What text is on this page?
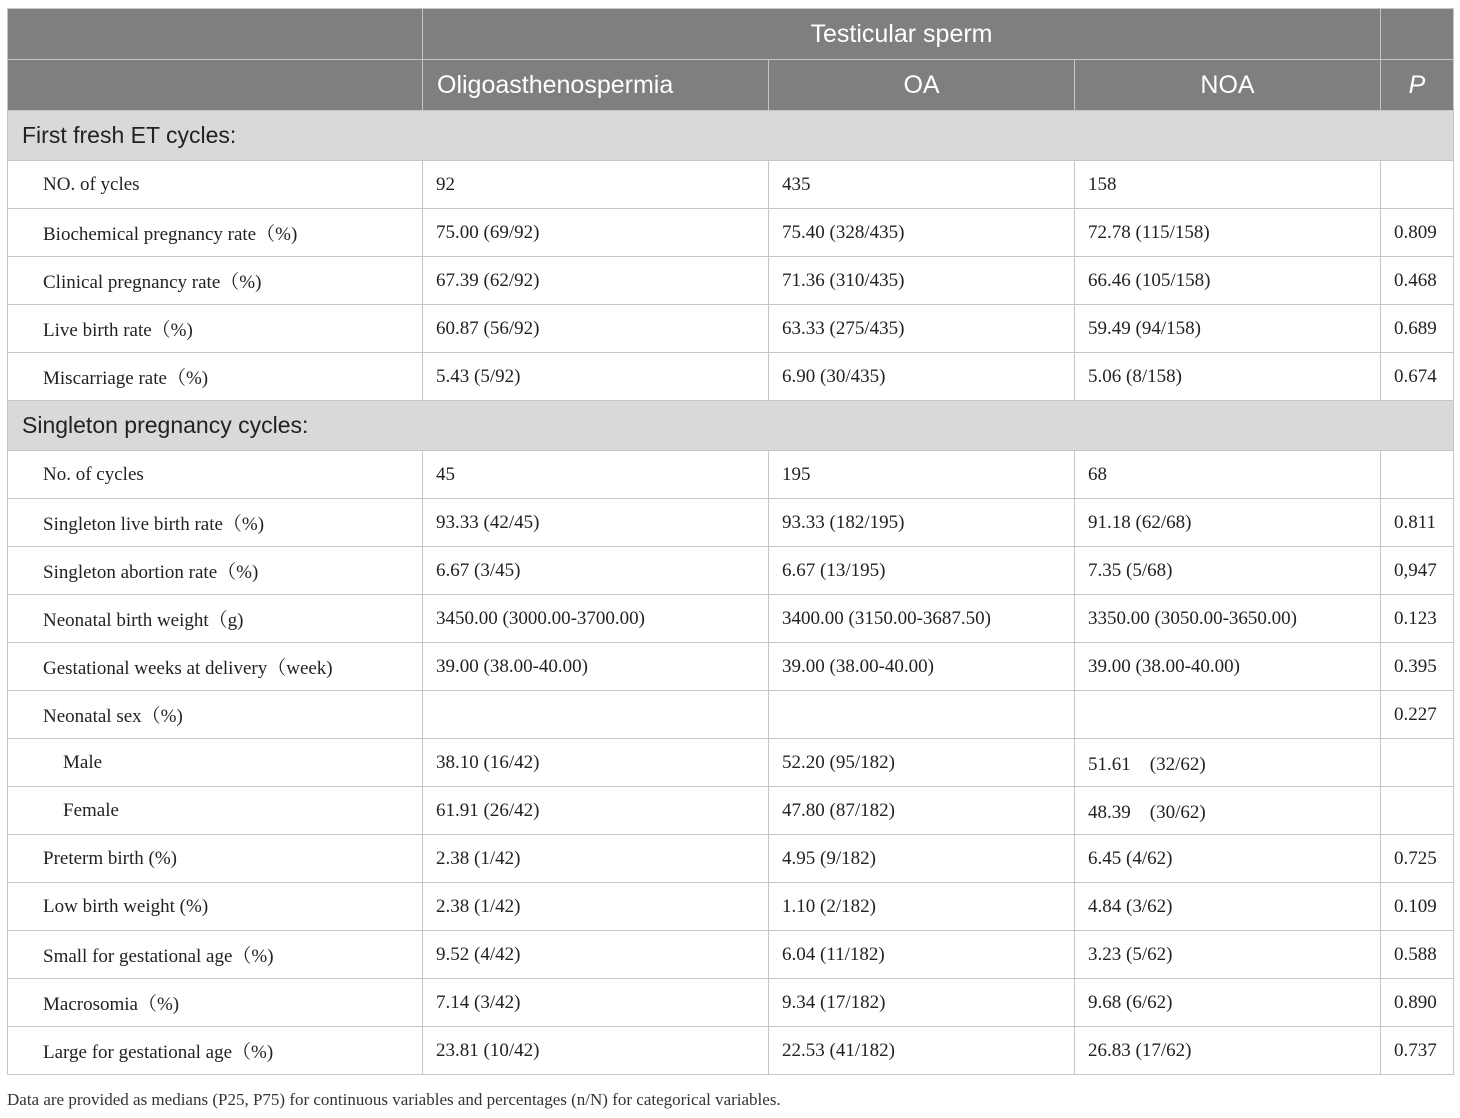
	Testicular sperm			
	Oligoasthenospermia	OA	NOA	P
First fresh ET cycles:				
NO. of ycles	92	435	158	
Biochemical pregnancy rate（%)	75.00 (69/92)	75.40 (328/435)	72.78 (115/158)	0.809
Clinical pregnancy rate（%)	67.39 (62/92)	71.36 (310/435)	66.46 (105/158)	0.468
Live birth rate（%)	60.87 (56/92)	63.33 (275/435)	59.49 (94/158)	0.689
Miscarriage rate（%)	5.43 (5/92)	6.90 (30/435)	5.06 (8/158)	0.674
Singleton pregnancy cycles:				
No. of cycles	45	195	68	
Singleton live birth rate（%)	93.33 (42/45)	93.33 (182/195)	91.18 (62/68)	0.811
Singleton abortion rate（%)	6.67 (3/45)	6.67 (13/195)	7.35 (5/68)	0,947
Neonatal birth weight（g)	3450.00 (3000.00-3700.00)	3400.00 (3150.00-3687.50)	3350.00 (3050.00-3650.00)	0.123
Gestational weeks at delivery（week)	39.00 (38.00-40.00)	39.00 (38.00-40.00)	39.00 (38.00-40.00)	0.395
Neonatal sex（%)				0.227
Male	38.10 (16/42)	52.20 (95/182)	51.61　(32/62)	
Female	61.91 (26/42)	47.80 (87/182)	48.39　(30/62)	
Preterm birth (%)	2.38 (1/42)	4.95 (9/182)	6.45 (4/62)	0.725
Low birth weight (%)	2.38 (1/42)	1.10 (2/182)	4.84 (3/62)	0.109
Small for gestational age（%)	9.52 (4/42)	6.04 (11/182)	3.23 (5/62)	0.588
Macrosomia（%)	7.14 (3/42)	9.34 (17/182)	9.68 (6/62)	0.890
Large for gestational age（%)	23.81 (10/42)	22.53 (41/182)	26.83 (17/62)	0.737
Data are provided as medians (P25, P75) for continuous variables and percentages (n/N) for categorical variables.
